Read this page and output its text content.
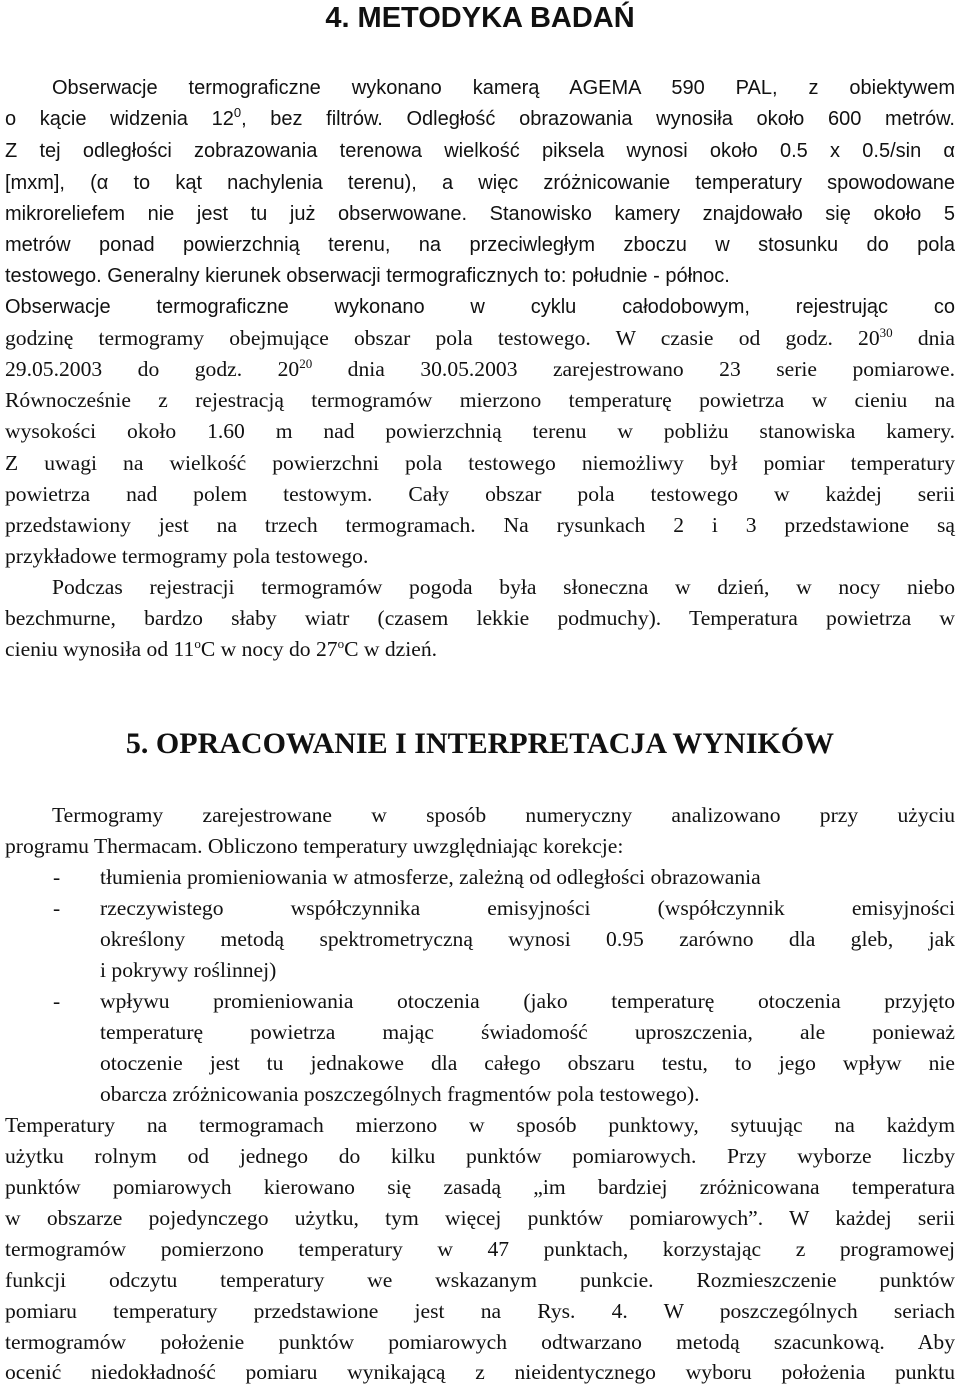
4. METODYKA BADAŃ
Obserwacje termograficzne wykonano kamerą AGEMA 590 PAL, z obiektywem
o kącie widzenia $12^0$, bez filtrów. Odległość obrazowania wynosiła około 600 metrów.
Z tej odległości zobrazowania terenowa wielkość piksela wynosi około 0.5 x 0.5/sin α
[mxm], (α to kąt nachylenia terenu), a więc zróżnicowanie temperatury spowodowane
mikroreliefem nie jest tu już obserwowane. Stanowisko kamery znajdowało się około 5
metrów ponad powierzchnią terenu, na przeciwległym zboczu w stosunku do pola
testowego. Generalny kierunek obserwacji termograficznych to: południe - północ.
Obserwacje termograficzne wykonano w cyklu całodobowym, rejestrując co
godzinę termogramy obejmujące obszar pola testowego. W czasie od godz. $20^{30}$ dnia
29.05.2003 do godz. $20^{20}$ dnia 30.05.2003 zarejestrowano 23 serie pomiarowe.
Równocześnie z rejestracją termogramów mierzono temperaturę powietrza w cieniu na
wysokości około 1.60 m nad powierzchnią terenu w pobliżu stanowiska kamery.
Z uwagi na wielkość powierzchni pola testowego niemożliwy był pomiar temperatury
powietrza nad polem testowym. Cały obszar pola testowego w każdej serii
przedstawiony jest na trzech termogramach. Na rysunkach 2 i 3 przedstawione są
przykładowe termogramy pola testowego.
Podczas rejestracji termogramów pogoda była słoneczna w dzień, w nocy niebo
bezchmurne, bardzo słaby wiatr (czasem lekkie podmuchy). Temperatura powietrza w
cieniu wynosiła od 11$^o$C w nocy do 27$^o$C w dzień.
5. OPRACOWANIE I INTERPRETACJA WYNIKÓW
Termogramy zarejestrowane w sposób numeryczny analizowano przy użyciu
programu Thermacam. Obliczono temperatury uwzględniając korekcje:
-	tłumienia promieniowania w atmosferze, zależną od odległości obrazowania
-	rzeczywistego współczynnika emisyjności (współczynnik emisyjności
określony metodą spektrometryczną wynosi 0.95 zarówno dla gleb, jak
i pokrywy roślinnej)
-	wpływu promieniowania otoczenia (jako temperaturę otoczenia przyjęto
temperaturę powietrza mając świadomość uproszczenia, ale ponieważ
otoczenie jest tu jednakowe dla całego obszaru testu, to jego wpływ nie
obarcza zróżnicowania poszczególnych fragmentów pola testowego).
Temperatury na termogramach mierzono w sposób punktowy, sytuując na każdym
użytku rolnym od jednego do kilku punktów pomiarowych. Przy wyborze liczby
punktów pomiarowych kierowano się zasadą „im bardziej zróżnicowana temperatura
w obszarze pojedynczego użytku, tym więcej punktów pomiarowych”. W każdej serii
termogramów pomierzono temperatury w 47 punktach, korzystając z programowej
funkcji odczytu temperatury we wskazanym punkcie. Rozmieszczenie punktów
pomiaru temperatury przedstawione jest na Rys. 4. W poszczególnych seriach
termogramów położenie punktów pomiarowych odtwarzano metodą szacunkową. Aby
ocenić niedokładność pomiaru wynikającą z nieidentycznego wyboru położenia punktu
